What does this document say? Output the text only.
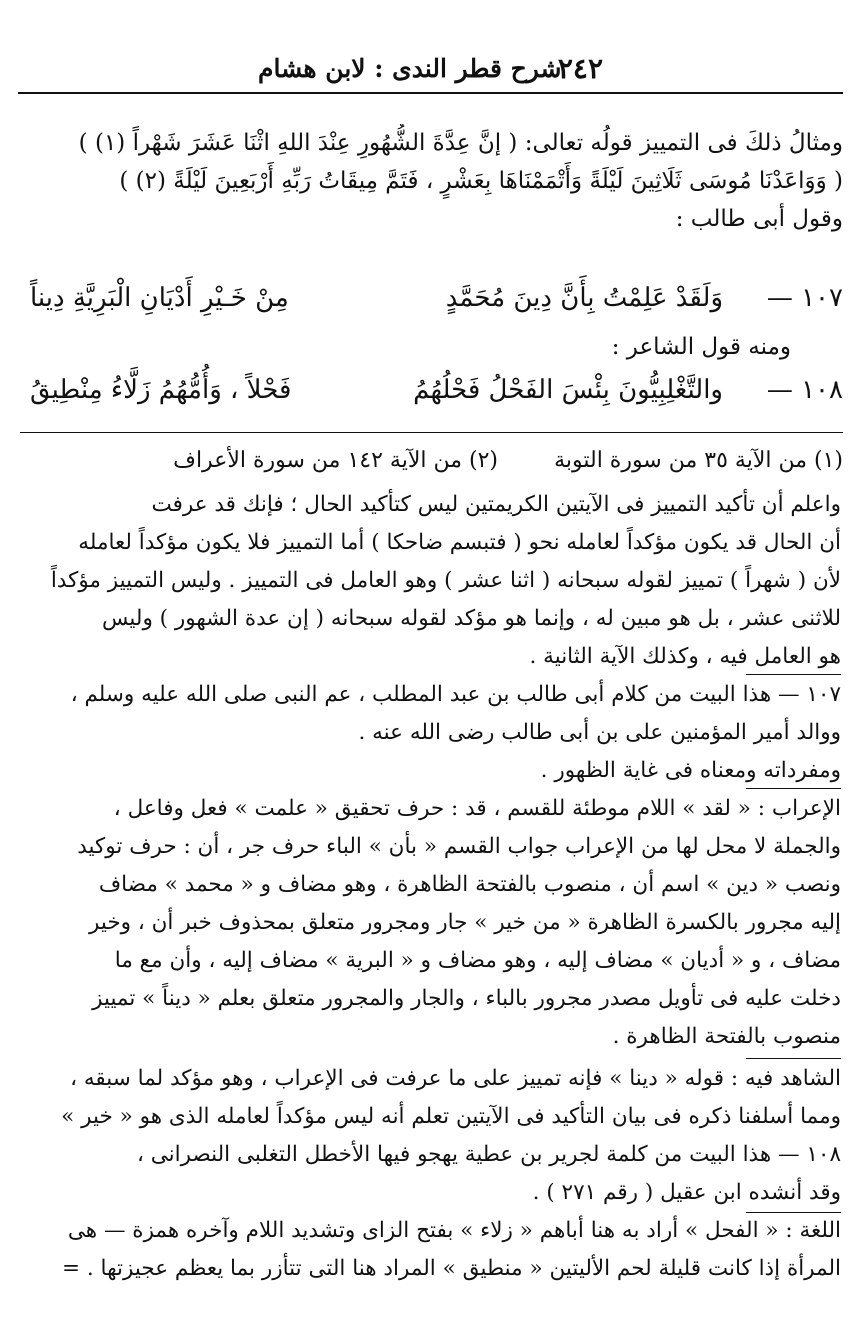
٢٤٢
شرح قطر الندى : لابن هشام
ومثالُ ذلكَ فى التمييز قولُه تعالى: ( إنَّ عِدَّةَ الشُّهُورِ عِنْدَ اللهِ اثْنَا عَشَرَ شَهْراً (١) )
( وَوَاعَدْنَا مُوسَى ثَلَاثِينَ لَيْلَةً وَأَتْمَمْنَاهَا بِعَشْرٍ ، فَتَمَّ مِيقَاتُ رَبِّهِ أَرْبَعِينَ لَيْلَةً (٢) )
وقول أبى طالب :
١٠٧ —
وَلَقَدْ عَلِمْتُ بِأَنَّ دِينَ مُحَمَّدٍ
مِنْ خَـيْرِ أَدْيَانِ الْبَرِيَّةِ دِيناً
ومنه قول الشاعر :
١٠٨ —
والتَّغْلِبِيُّونَ بِئْسَ الفَحْلُ فَحْلُهُمُ
فَحْلاً ، وَأُمُّهُمُ زَلَّاءُ مِنْطِيقُ
(١) من الآية ٣٥ من سورة التوبة
(٢) من الآية ١٤٢ من سورة الأعراف
واعلم أن تأكيد التمييز فى الآيتين الكريمتين ليس كتأكيد الحال ؛ فإنك قد عرفت
أن الحال قد يكون مؤكداً لعامله نحو ( فتبسم ضاحكا ) أما التمييز فلا يكون مؤكداً لعامله
لأن ( شهراً ) تمييز لقوله سبحانه ( اثنا عشر ) وهو العامل فى التمييز . وليس التمييز مؤكداً
للاثنى عشر ، بل هو مبين له ، وإنما هو مؤكد لقوله سبحانه ( إن عدة الشهور ) وليس
هو العامل فيه ، وكذلك الآية الثانية .
١٠٧ — هذا البيت من كلام أبى طالب بن عبد المطلب ، عم النبى صلى الله عليه وسلم ،
ووالد أمير المؤمنين على بن أبى طالب رضى الله عنه .
ومفرداته ومعناه فى غاية الظهور .
الإعراب : « لقد » اللام موطئة للقسم ، قد : حرف تحقيق « علمت » فعل وفاعل ،
والجملة لا محل لها من الإعراب جواب القسم « بأن » الباء حرف جر ، أن : حرف توكيد
ونصب « دين » اسم أن ، منصوب بالفتحة الظاهرة ، وهو مضاف و « محمد » مضاف
إليه مجرور بالكسرة الظاهرة « من خير » جار ومجرور متعلق بمحذوف خبر أن ، وخير
مضاف ، و « أديان » مضاف إليه ، وهو مضاف و « البرية » مضاف إليه ، وأن مع ما
دخلت عليه فى تأويل مصدر مجرور بالباء ، والجار والمجرور متعلق بعلم « ديناً » تمييز
منصوب بالفتحة الظاهرة .
الشاهد فيه : قوله « دينا » فإنه تمييز على ما عرفت فى الإعراب ، وهو مؤكد لما سبقه ،
ومما أسلفنا ذكره فى بيان التأكيد فى الآيتين تعلم أنه ليس مؤكداً لعامله الذى هو « خير »
١٠٨ — هذا البيت من كلمة لجرير بن عطية يهجو فيها الأخطل التغلبى النصرانى ،
وقد أنشده ابن عقيل ( رقم ٢٧١ ) .
اللغة : « الفحل » أراد به هنا أباهم « زلاء » بفتح الزاى وتشديد اللام وآخره همزة — هى
المرأة إذا كانت قليلة لحم الأليتين « منطيق » المراد هنا التى تتأزر بما يعظم عجيزتها . =
